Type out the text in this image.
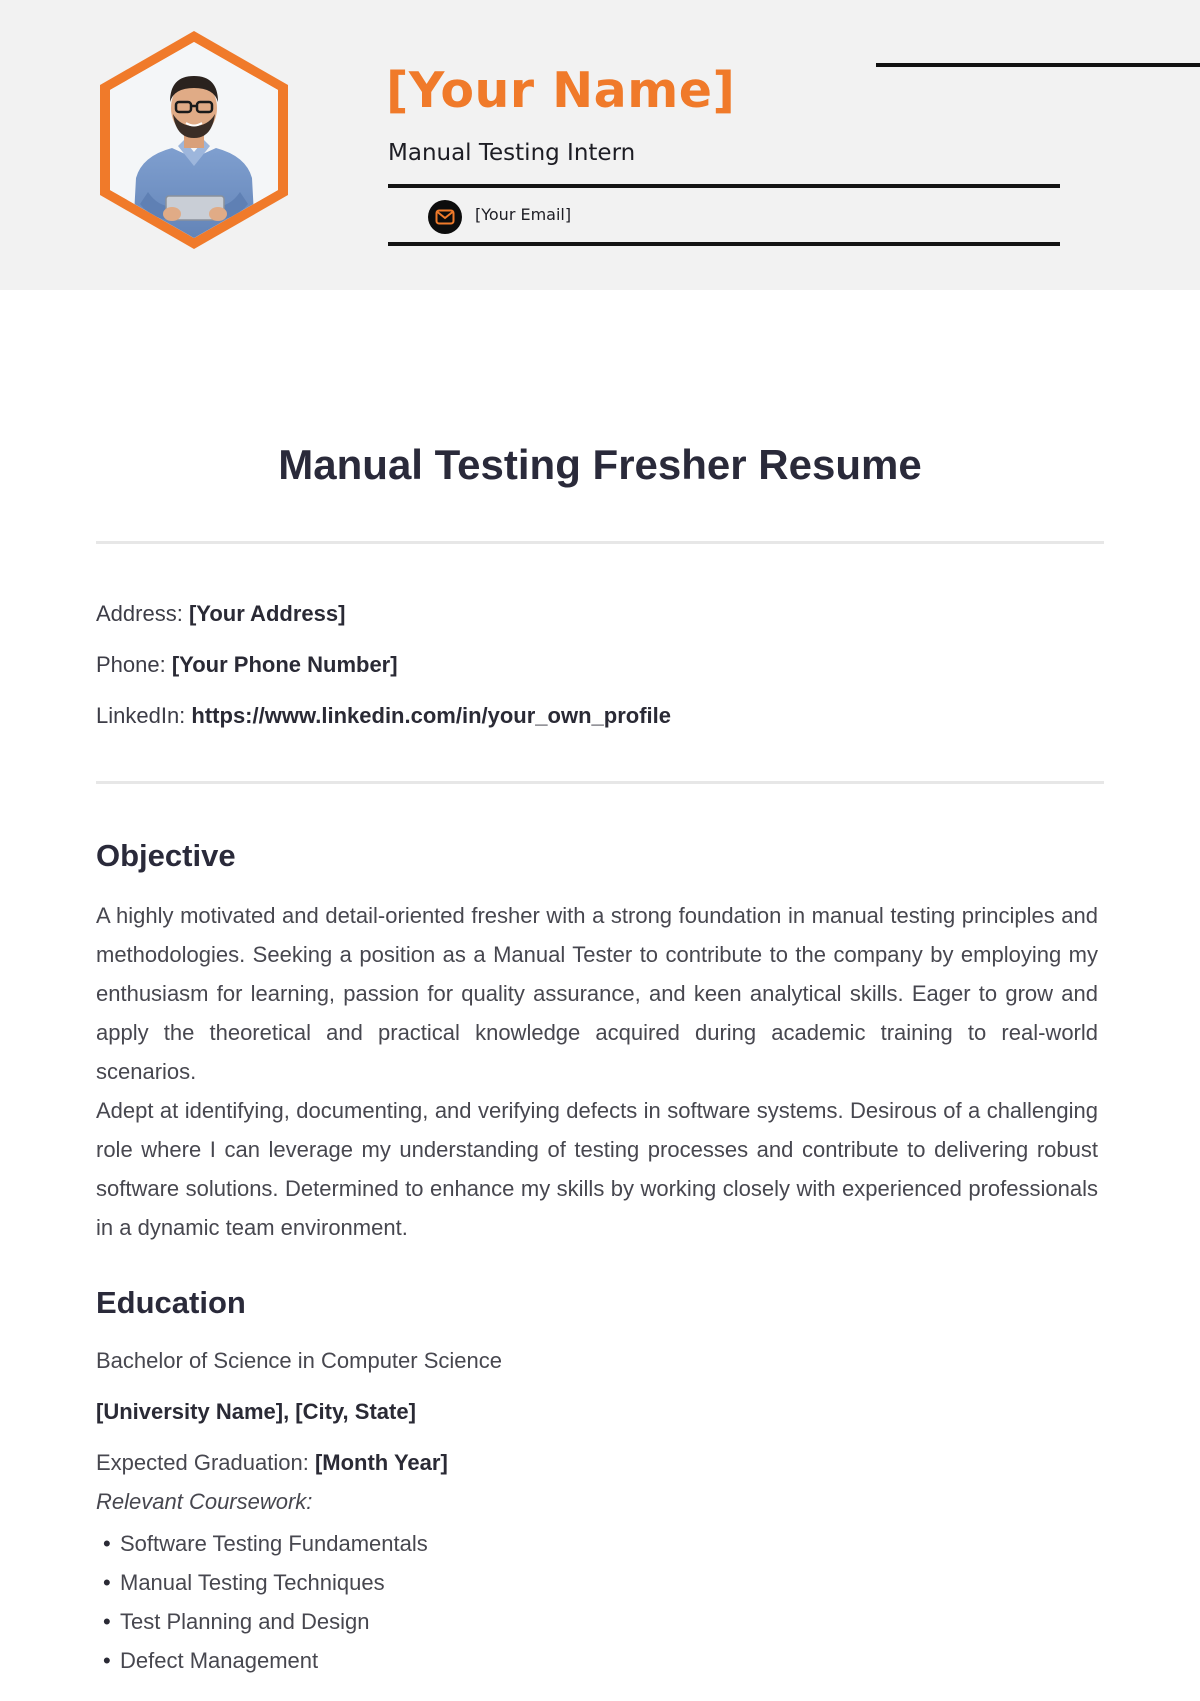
[Your Name]
Manual Testing Intern
[Your Email]
Manual Testing Fresher Resume
Address: [Your Address]
Phone: [Your Phone Number]
LinkedIn: https://www.linkedin.com/in/your_own_profile
Objective

A highly motivated and detail-oriented fresher with a strong foundation in manual testing principles and methodologies. Seeking a position as a Manual Tester to contribute to the company by employing my enthusiasm for learning, passion for quality assurance, and keen analytical skills. Eager to grow and apply the theoretical and practical knowledge acquired during academic training to real-world scenarios.

Adept at identifying, documenting, and verifying defects in software systems. Desirous of a challenging role where I can leverage my understanding of testing processes and contribute to delivering robust software solutions. Determined to enhance my skills by working closely with experienced professionals in a dynamic team environment.

Education
Bachelor of Science in Computer Science
[University Name], [City, State]
Expected Graduation: [Month Year]
Relevant Coursework:
• Software Testing Fundamentals
• Manual Testing Techniques
• Test Planning and Design
• Defect Management
